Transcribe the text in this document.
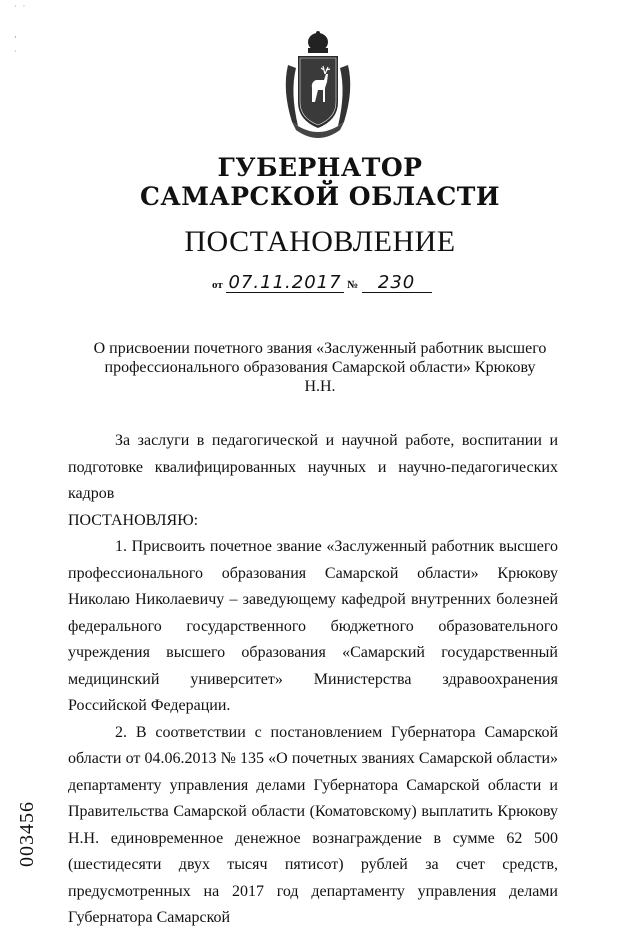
·   ·

¸

·
ГУБЕРНАТОР
САМАРСКОЙ ОБЛАСТИ
ПОСТАНОВЛЕНИЕ
от 07.11.2017 № 230
О присвоении почетного звания «Заслуженный работник высшего профессионального образования Самарской области» Крюкову Н.Н.

За заслуги в педагогической и научной работе, воспитании и подготовке квалифицированных научных и научно-педагогических кадров

ПОСТАНОВЛЯЮ:

1. Присвоить почетное звание «Заслуженный работник высшего профессионального образования Самарской области» Крюкову Николаю Николаевичу – заведующему кафедрой внутренних болезней федерального государственного бюджетного образовательного учреждения высшего образования «Самарский государственный медицинский университет» Министерства здравоохранения Российской Федерации.

2. В соответствии с постановлением Губернатора Самарской области от 04.06.2013 № 135 «О почетных званиях Самарской области» департаменту управления делами Губернатора Самарской области и Правительства Самарской области (Коматовскому) выплатить Крюкову Н.Н. единовременное денежное вознаграждение в сумме 62 500 (шестидесяти двух тысяч пятисот) рублей за счет средств, предусмотренных на 2017 год департаменту управления делами Губернатора Самарской

003456
